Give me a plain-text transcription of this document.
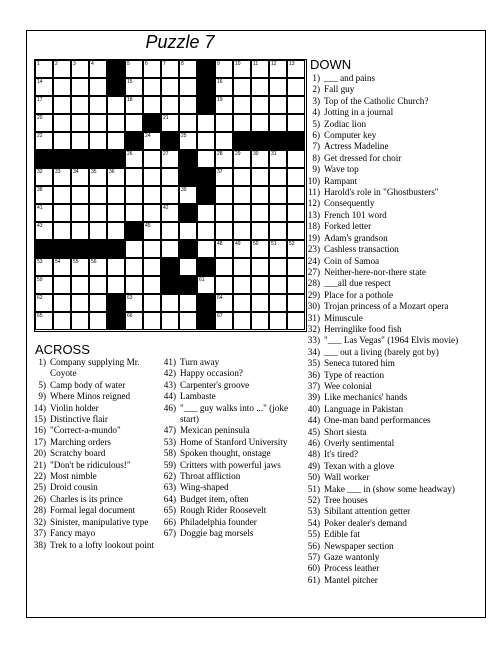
Puzzle 7
1	2	3	4	5	6	7	8	9	10 11	12 13
14	15	16
17	18	19
20	21
22	24	25
26	27	28 29 30 31
32 33 34 35 36	37
38	39
41	42
43	45
48 49 50 51 52
53 54 55 56
59	61
62	63	64
65	66	67
DOWN
1) ___ and pains
2) Fall guy
3) Top of the Catholic Church?
4) Jotting in a journal
5) Zodiac lion
6) Computer key
7) Actress Madeline
8) Get dressed for choir
9) Wave top
10) Rampant
11) Harold's role in "Ghostbusters"
12) Consequently
13) French 101 word
18) Forked letter
19) Adam's grandson
23) Cashless transaction
24) Coin of Samoa
27) Neither-here-nor-there state
28) ___all due respect
29) Place for a pothole
30) Trojan princess of a Mozart opera
31) Minuscule
32) Herringlike food fish
33) "___ Las Vegas" (1964 Elvis movie)
34) ___ out a living (barely got by)
35) Seneca tutored him
36) Type of reaction
37) Wee colonial
39) Like mechanics' hands
40) Language in Pakistan
44) One-man band performances
45) Short siesta
46) Overly sentimental
48) It's tired?
49) Texan with a glove
50) Wall worker
51) Make ___ in (show some headway)
52) Tree houses
53) Sibilant attention getter
54) Poker dealer's demand
55) Edible fat
56) Newspaper section
57) Gaze wantonly
60) Process leather
61) Mantel pitcher
ACROSS
1) Company supplying Mr. Coyote
5) Camp body of water
9) Where Minos reigned
14) Violin holder
15) Distinctive flair
16) "Correct-a-mundo"
17) Marching orders
20) Scratchy board
21) "Don't be ridiculous!"
22) Most nimble
25) Droid cousin
26) Charles is its prince
28) Formal legal document
32) Sinister, manipulative type
37) Fancy mayo
38) Trek to a lofty lookout point
41) Turn away
42) Happy occasion?
43) Carpenter's groove
44) Lambaste
46) "___ guy walks into ..." (joke start)
47) Mexican peninsula
53) Home of Stanford University
58) Spoken thought, onstage
59) Critters with powerful jaws
62) Throat affliction
63) Wing-shaped
64) Budget item, often
65) Rough Rider Roosevelt
66) Philadelphia founder
67) Doggie bag morsels
